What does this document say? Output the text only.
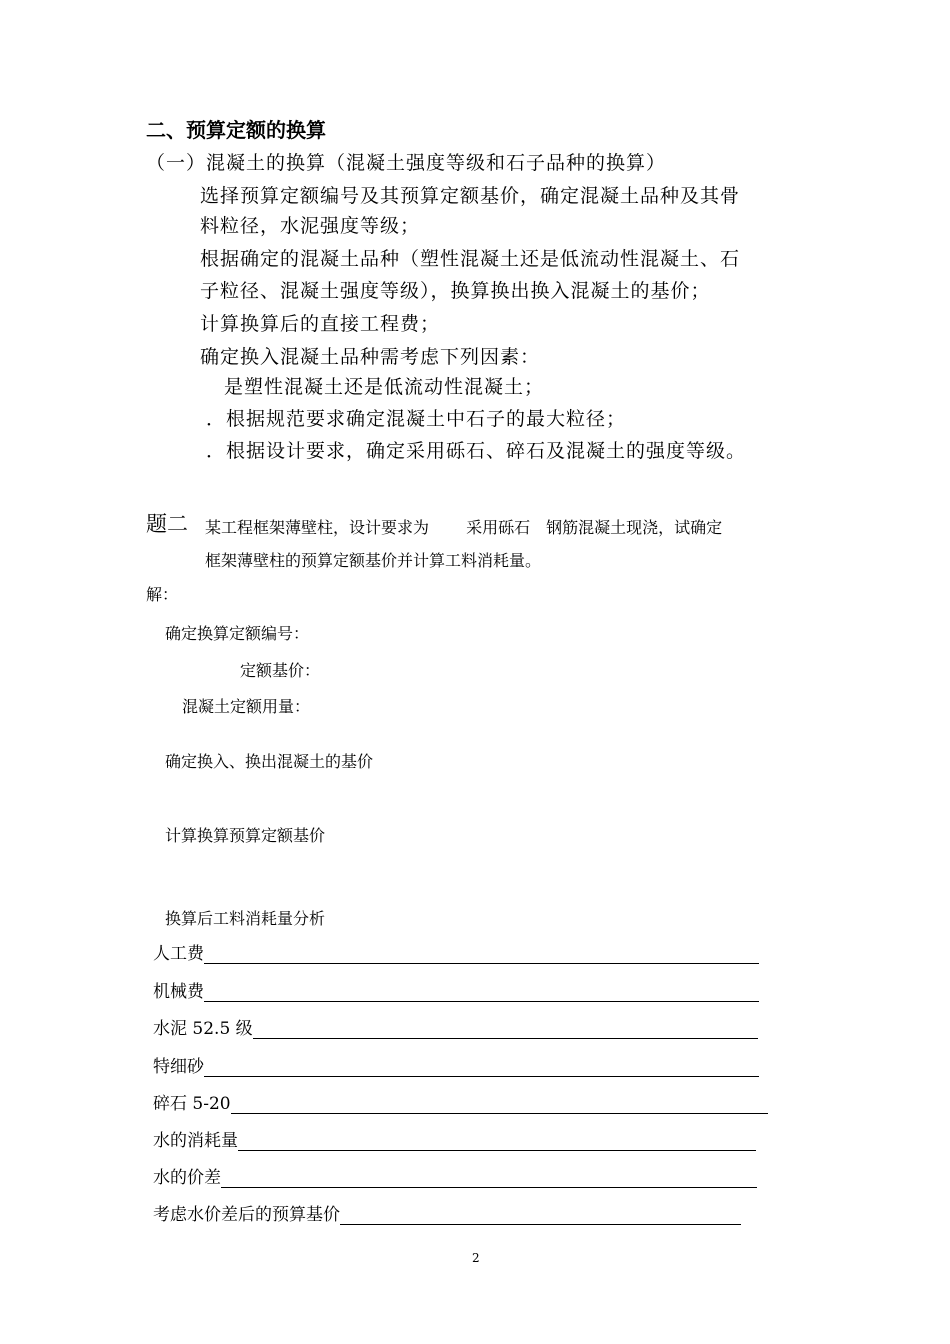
二、预算定额的换算
（一）混凝土的换算（混凝土强度等级和石子品种的换算）
选择预算定额编号及其预算定额基价，确定混凝土品种及其骨
料粒径，水泥强度等级；
根据确定的混凝土品种（塑性混凝土还是低流动性混凝土、石
子粒径、混凝土强度等级），换算换出换入混凝土的基价；
计算换算后的直接工程费；
确定换入混凝土品种需考虑下列因素：
是塑性混凝土还是低流动性混凝土；
．根据规范要求确定混凝土中石子的最大粒径；
．根据设计要求，确定采用砾石、碎石及混凝土的强度等级。
题二 某工程框架薄壁柱，设计要求为　　 采用砾石　钢筋混凝土现浇，试确定
框架薄壁柱的预算定额基价并计算工料消耗量。
解：
确定换算定额编号：
定额基价：
混凝土定额用量：
确定换入、换出混凝土的基价
计算换算预算定额基价
换算后工料消耗量分析
人工费
机械费
水泥 52.5 级
特细砂
碎石 5-20
水的消耗量
水的价差
考虑水价差后的预算基价
2
